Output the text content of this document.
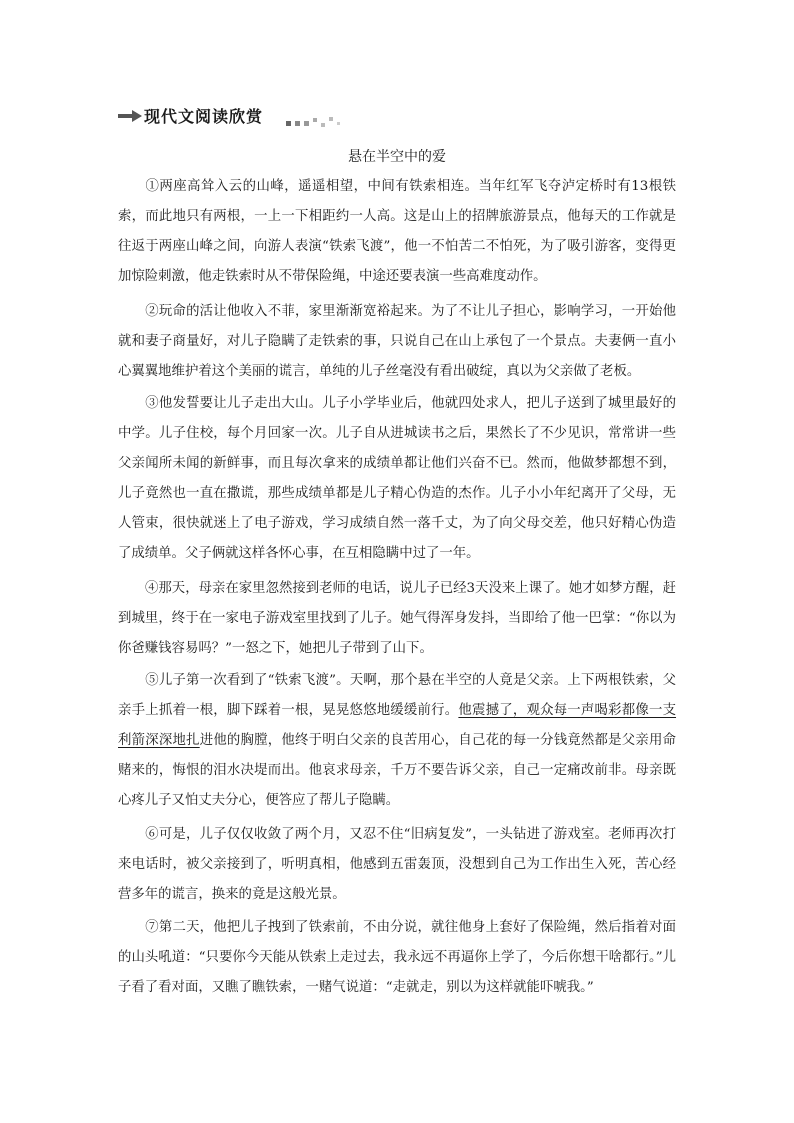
现代文阅读欣赏
悬在半空中的爱

①两座高耸入云的山峰，遥遥相望，中间有铁索相连。当年红军飞夺泸定桥时有13根铁索，而此地只有两根，一上一下相距约一人高。这是山上的招牌旅游景点，他每天的工作就是往返于两座山峰之间，向游人表演“铁索飞渡”，他一不怕苦二不怕死，为了吸引游客，变得更加惊险刺激，他走铁索时从不带保险绳，中途还要表演一些高难度动作。

②玩命的活让他收入不菲，家里渐渐宽裕起来。为了不让儿子担心，影响学习，一开始他就和妻子商量好，对儿子隐瞒了走铁索的事，只说自己在山上承包了一个景点。夫妻俩一直小心翼翼地维护着这个美丽的谎言，单纯的儿子丝毫没有看出破绽，真以为父亲做了老板。

③他发誓要让儿子走出大山。儿子小学毕业后，他就四处求人，把儿子送到了城里最好的中学。儿子住校，每个月回家一次。儿子自从进城读书之后，果然长了不少见识，常常讲一些父亲闻所未闻的新鲜事，而且每次拿来的成绩单都让他们兴奋不已。然而，他做梦都想不到，儿子竟然也一直在撒谎，那些成绩单都是儿子精心伪造的杰作。儿子小小年纪离开了父母，无人管束，很快就迷上了电子游戏，学习成绩自然一落千丈，为了向父母交差，他只好精心伪造了成绩单。父子俩就这样各怀心事，在互相隐瞒中过了一年。

④那天，母亲在家里忽然接到老师的电话，说儿子已经3天没来上课了。她才如梦方醒，赶到城里，终于在一家电子游戏室里找到了儿子。她气得浑身发抖，当即给了他一巴掌：“你以为你爸赚钱容易吗？”一怒之下，她把儿子带到了山下。

⑤儿子第一次看到了“铁索飞渡”。天啊，那个悬在半空的人竟是父亲。上下两根铁索，父亲手上抓着一根，脚下踩着一根，晃晃悠悠地缓缓前行。他震撼了，观众每一声喝彩都像一支利箭深深地扎进他的胸膛，他终于明白父亲的良苦用心，自己花的每一分钱竟然都是父亲用命赌来的，悔恨的泪水决堤而出。他哀求母亲，千万不要告诉父亲，自己一定痛改前非。母亲既心疼儿子又怕丈夫分心，便答应了帮儿子隐瞒。

⑥可是，儿子仅仅收敛了两个月，又忍不住“旧病复发”，一头钻进了游戏室。老师再次打来电话时，被父亲接到了，听明真相，他感到五雷轰顶，没想到自己为工作出生入死，苦心经营多年的谎言，换来的竟是这般光景。

⑦第二天，他把儿子拽到了铁索前，不由分说，就往他身上套好了保险绳，然后指着对面的山头吼道：“只要你今天能从铁索上走过去，我永远不再逼你上学了，今后你想干啥都行。”儿子看了看对面，又瞧了瞧铁索，一赌气说道：“走就走，别以为这样就能吓唬我。”
